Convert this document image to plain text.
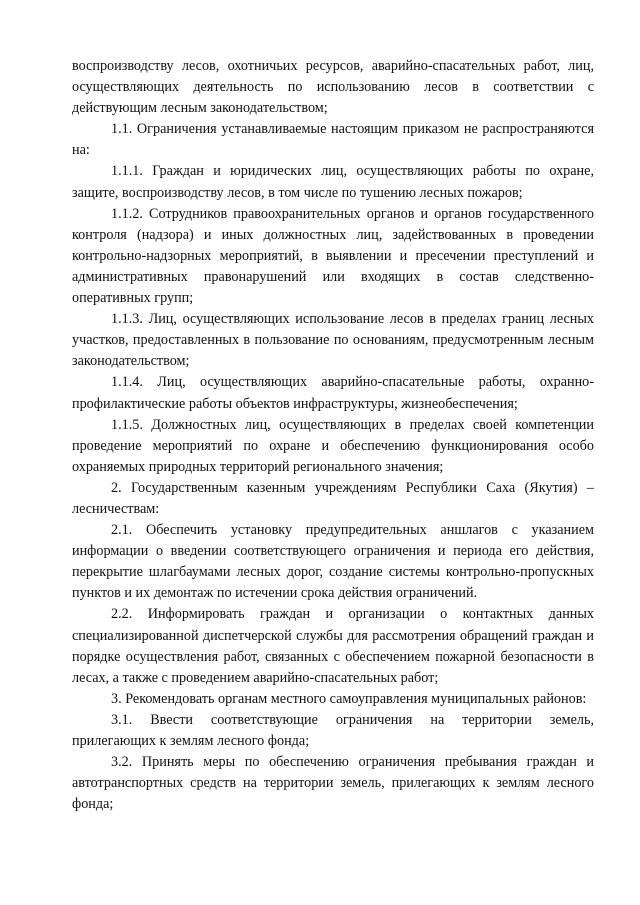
воспроизводству лесов, охотничьих ресурсов, аварийно-спасательных работ, лиц, осуществляющих деятельность по использованию лесов в соответствии с действующим лесным законодательством;

1.1. Ограничения устанавливаемые настоящим приказом не распространяются на:

1.1.1. Граждан и юридических лиц, осуществляющих работы по охране, защите, воспроизводству лесов, в том числе по тушению лесных пожаров;

1.1.2. Сотрудников правоохранительных органов и органов государственного контроля (надзора) и иных должностных лиц, задействованных в проведении контрольно-надзорных мероприятий, в выявлении и пресечении преступлений и административных правонарушений или входящих в состав следственно-оперативных групп;

1.1.3. Лиц, осуществляющих использование лесов в пределах границ лесных участков, предоставленных в пользование по основаниям, предусмотренным лесным законодательством;

1.1.4. Лиц, осуществляющих аварийно-спасательные работы, охранно-профилактические работы объектов инфраструктуры, жизнеобеспечения;

1.1.5. Должностных лиц, осуществляющих в пределах своей компетенции проведение мероприятий по охране и обеспечению функционирования особо охраняемых природных территорий регионального значения;

2. Государственным казенным учреждениям Республики Саха (Якутия) – лесничествам:

2.1. Обеспечить установку предупредительных аншлагов с указанием информации о введении соответствующего ограничения и периода его действия, перекрытие шлагбаумами лесных дорог, создание системы контрольно-пропускных пунктов и их демонтаж по истечении срока действия ограничений.

2.2. Информировать граждан и организации о контактных данных специализированной диспетчерской службы для рассмотрения обращений граждан и порядке осуществления работ, связанных с обеспечением пожарной безопасности в лесах, а также с проведением аварийно-спасательных работ;

3. Рекомендовать органам местного самоуправления муниципальных районов:

3.1. Ввести соответствующие ограничения на территории земель, прилегающих к землям лесного фонда;

3.2. Принять меры по обеспечению ограничения пребывания граждан и автотранспортных средств на территории земель, прилегающих к землям лесного фонда;
